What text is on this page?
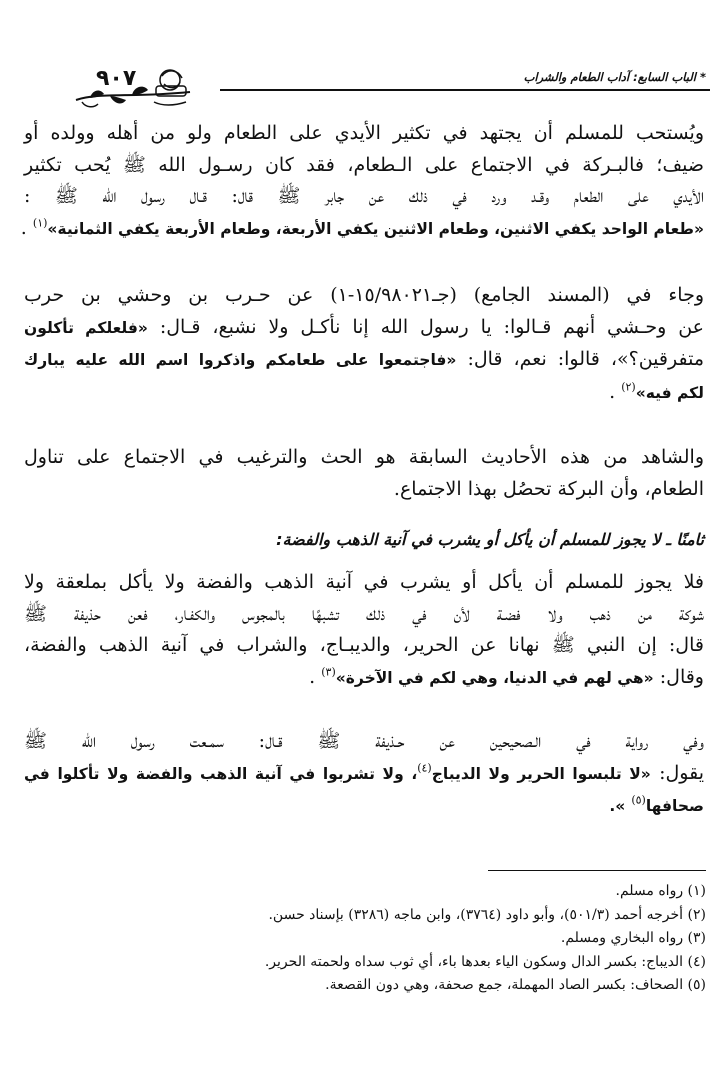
٩٠٧	* الباب السابع: آداب الطعام والشراب
ويُستحب للمسلم أن يجتهد في تكثير الأيدي على الطعام ولو من أهله وولده أو
ضيف؛ فالبـركة في الاجتماع على الـطعام، فقد كان رسـول الله ﷺ يُحب تكثير
الأيدي على الطعام وقـد ورد في ذلك عن جابر ﷺ قال: قـال رسول الله ﷺ :
«طعام الواحد يكفي الاثنين، وطعام الاثنين يكفي الأربعة، وطعام الأربعة يكفي الثمانية»$^{(١)}$ .
وجاء في (المسند الجامع) (جـ١٥/٩٨٠٢١-١) عن حـرب بن وحشي بن حرب
عن وحـشي أنهم قـالوا: يا رسول الله إنا نأكـل ولا نشبع، قـال: «فلعلكم تأكلون
متفرقين؟»، قالوا: نعم، قال: «فاجتمعوا على طعامكم واذكروا اسم الله عليه يبارك
لكم فيه»$^{(٢)}$ .
والشاهد من هذه الأحاديث السابقة هو الحث والترغيب في الاجتماع على تناول
الطعام، وأن البركة تحصُل بهذا الاجتماع.
ثامنًا ـ لا يجوز للمسلم أن يأكل أو يشرب في آنية الذهب والفضة:
فلا يجوز للمسلم أن يأكل أو يشرب في آنية الذهب والفضة ولا يأكل بملعقة ولا
شوكة من ذهب ولا فضـة لأن في ذلك تشبهًا بالمجوس والكفـار، فعن حذيفة ﷺ
قال: إن النبي ﷺ نهانا عن الحرير، والديبـاج، والشراب في آنية الذهب والفضة،
وقال: «هي لهم في الدنيا، وهي لكم في الآخرة»$^{(٣)}$ .
وفي رواية في الـصحيحين عن حـذيفة ﷺ قـال: سمـعت رسول الله ﷺ
يقول: «لا تلبسوا الحرير ولا الديباج$^{(٤)}$، ولا تشربوا في آنية الذهب والفضة ولا تأكلوا في
صحافها$^{(٥)}$ ».
(١) رواه مسلم.
(٢) أخرجه أحمد (٥٠١/٣)، وأبو داود (٣٧٦٤)، وابن ماجه (٣٢٨٦) بإسناد حسن.
(٣) رواه البخاري ومسلم.
(٤) الديباج: بكسر الدال وسكون الياء بعدها باء، أي ثوب سداه ولحمته الحرير.
(٥) الصحاف: بكسر الصاد المهملة، جمع صحفة، وهي دون القصعة.
